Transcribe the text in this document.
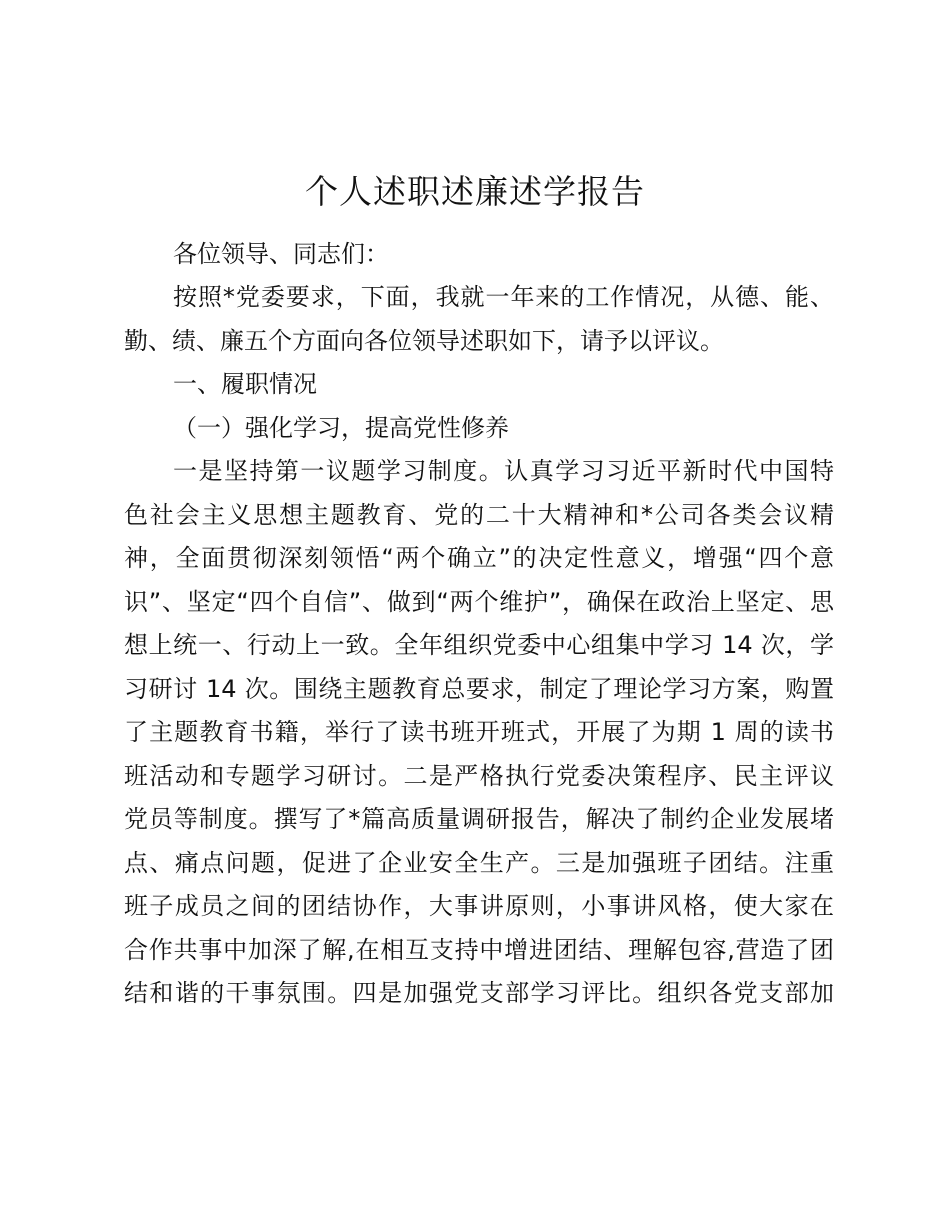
个人述职述廉述学报告
各位领导、同志们：
按照*党委要求，下面，我就一年来的工作情况，从德、能、
勤、绩、廉五个方面向各位领导述职如下，请予以评议。
一、履职情况
（一）强化学习，提高党性修养
一是坚持第一议题学习制度。认真学习习近平新时代中国特
色社会主义思想主题教育、党的二十大精神和*公司各类会议精
神，全面贯彻深刻领悟“两个确立”的决定性意义，增强“四个意
识”、坚定“四个自信”、做到“两个维护”，确保在政治上坚定、思
想上统一、行动上一致。全年组织党委中心组集中学习 14 次，学
习研讨 14 次。围绕主题教育总要求，制定了理论学习方案，购置
了主题教育书籍，举行了读书班开班式，开展了为期 1 周的读书
班活动和专题学习研讨。二是严格执行党委决策程序、民主评议
党员等制度。撰写了*篇高质量调研报告，解决了制约企业发展堵
点、痛点问题，促进了企业安全生产。三是加强班子团结。注重
班子成员之间的团结协作，大事讲原则，小事讲风格，使大家在
合作共事中加深了解,在相互支持中增进团结、理解包容,营造了团
结和谐的干事氛围。四是加强党支部学习评比。组织各党支部加
